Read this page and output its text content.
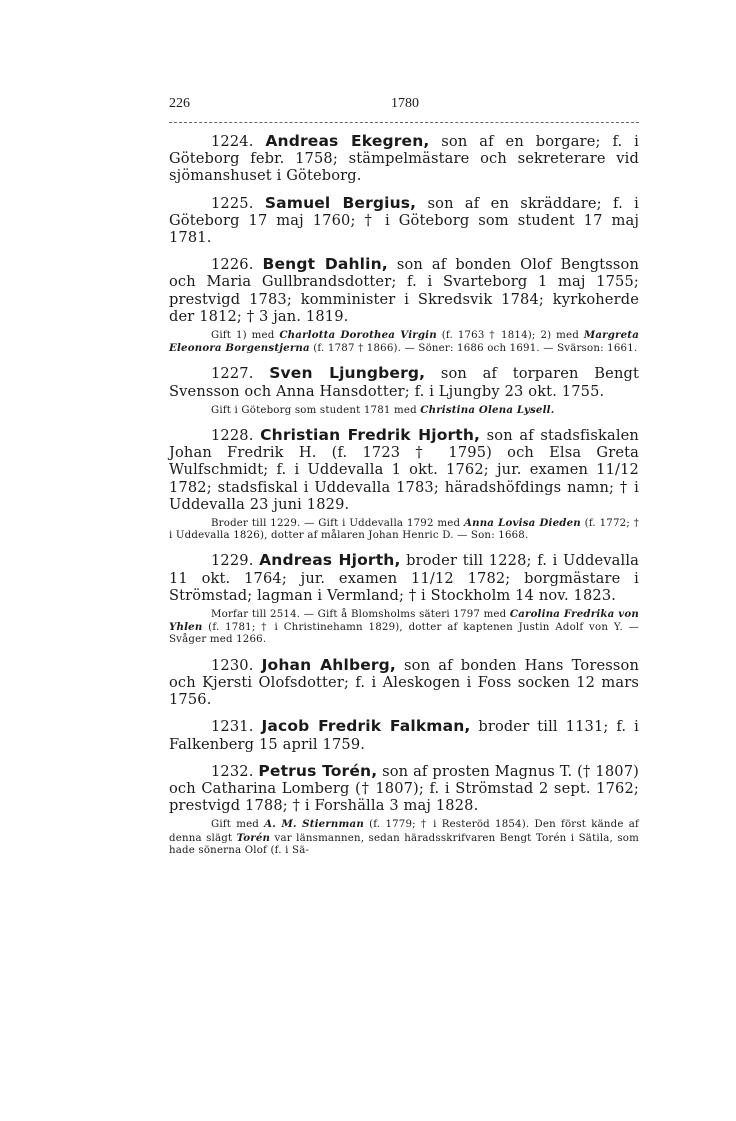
226	1780

1224. Andreas Ekegren, son af en borgare; f. i Göteborg febr. 1758; stämpelmästare och sekreterare vid sjömanshuset i Göteborg.

1225. Samuel Bergius, son af en skräddare; f. i Göteborg 17 maj 1760; † i Göteborg som student 17 maj 1781.

1226. Bengt Dahlin, son af bonden Olof Bengtsson och Maria Gullbrandsdotter; f. i Svarteborg 1 maj 1755; prestvigd 1783; komminister i Skredsvik 1784; kyrkoherde der 1812; † 3 jan. 1819.

Gift 1) med Charlotta Dorothea Virgin (f. 1763 † 1814); 2) med Margreta Eleonora Borgenstjerna (f. 1787 † 1866). — Söner: 1686 och 1691. — Svärson: 1661.

1227. Sven Ljungberg, son af torparen Bengt Svensson och Anna Hansdotter; f. i Ljungby 23 okt. 1755.

Gift i Göteborg som student 1781 med Christina Olena Lysell.

1228. Christian Fredrik Hjorth, son af stadsfiskalen Johan Fredrik H. (f. 1723 † 1795) och Elsa Greta Wulfschmidt; f. i Uddevalla 1 okt. 1762; jur. examen 11/12 1782; stadsfiskal i Uddevalla 1783; häradshöfdings namn; † i Uddevalla 23 juni 1829.

Broder till 1229. — Gift i Uddevalla 1792 med Anna Lovisa Dieden (f. 1772; † i Uddevalla 1826), dotter af målaren Johan Henric D. — Son: 1668.

1229. Andreas Hjorth, broder till 1228; f. i Uddevalla 11 okt. 1764; jur. examen 11/12 1782; borgmästare i Strömstad; lagman i Vermland; † i Stockholm 14 nov. 1823.

Morfar till 2514. — Gift å Blomsholms säteri 1797 med Carolina Fredrika von Yhlen (f. 1781; † i Christinehamn 1829), dotter af kaptenen Justin Adolf von Y. — Svåger med 1266.

1230. Johan Ahlberg, son af bonden Hans Toresson och Kjersti Olofsdotter; f. i Aleskogen i Foss socken 12 mars 1756.

1231. Jacob Fredrik Falkman, broder till 1131; f. i Falkenberg 15 april 1759.

1232. Petrus Torén, son af prosten Magnus T. († 1807) och Catharina Lomberg († 1807); f. i Strömstad 2 sept. 1762; prestvigd 1788; † i Forshälla 3 maj 1828.

Gift med A. M. Stiernman (f. 1779; † i Resteröd 1854). Den först kände af denna slägt Torén var länsmannen, sedan häradsskrifvaren Bengt Torén i Sätila, som hade sönerna Olof (f. i Sä-
